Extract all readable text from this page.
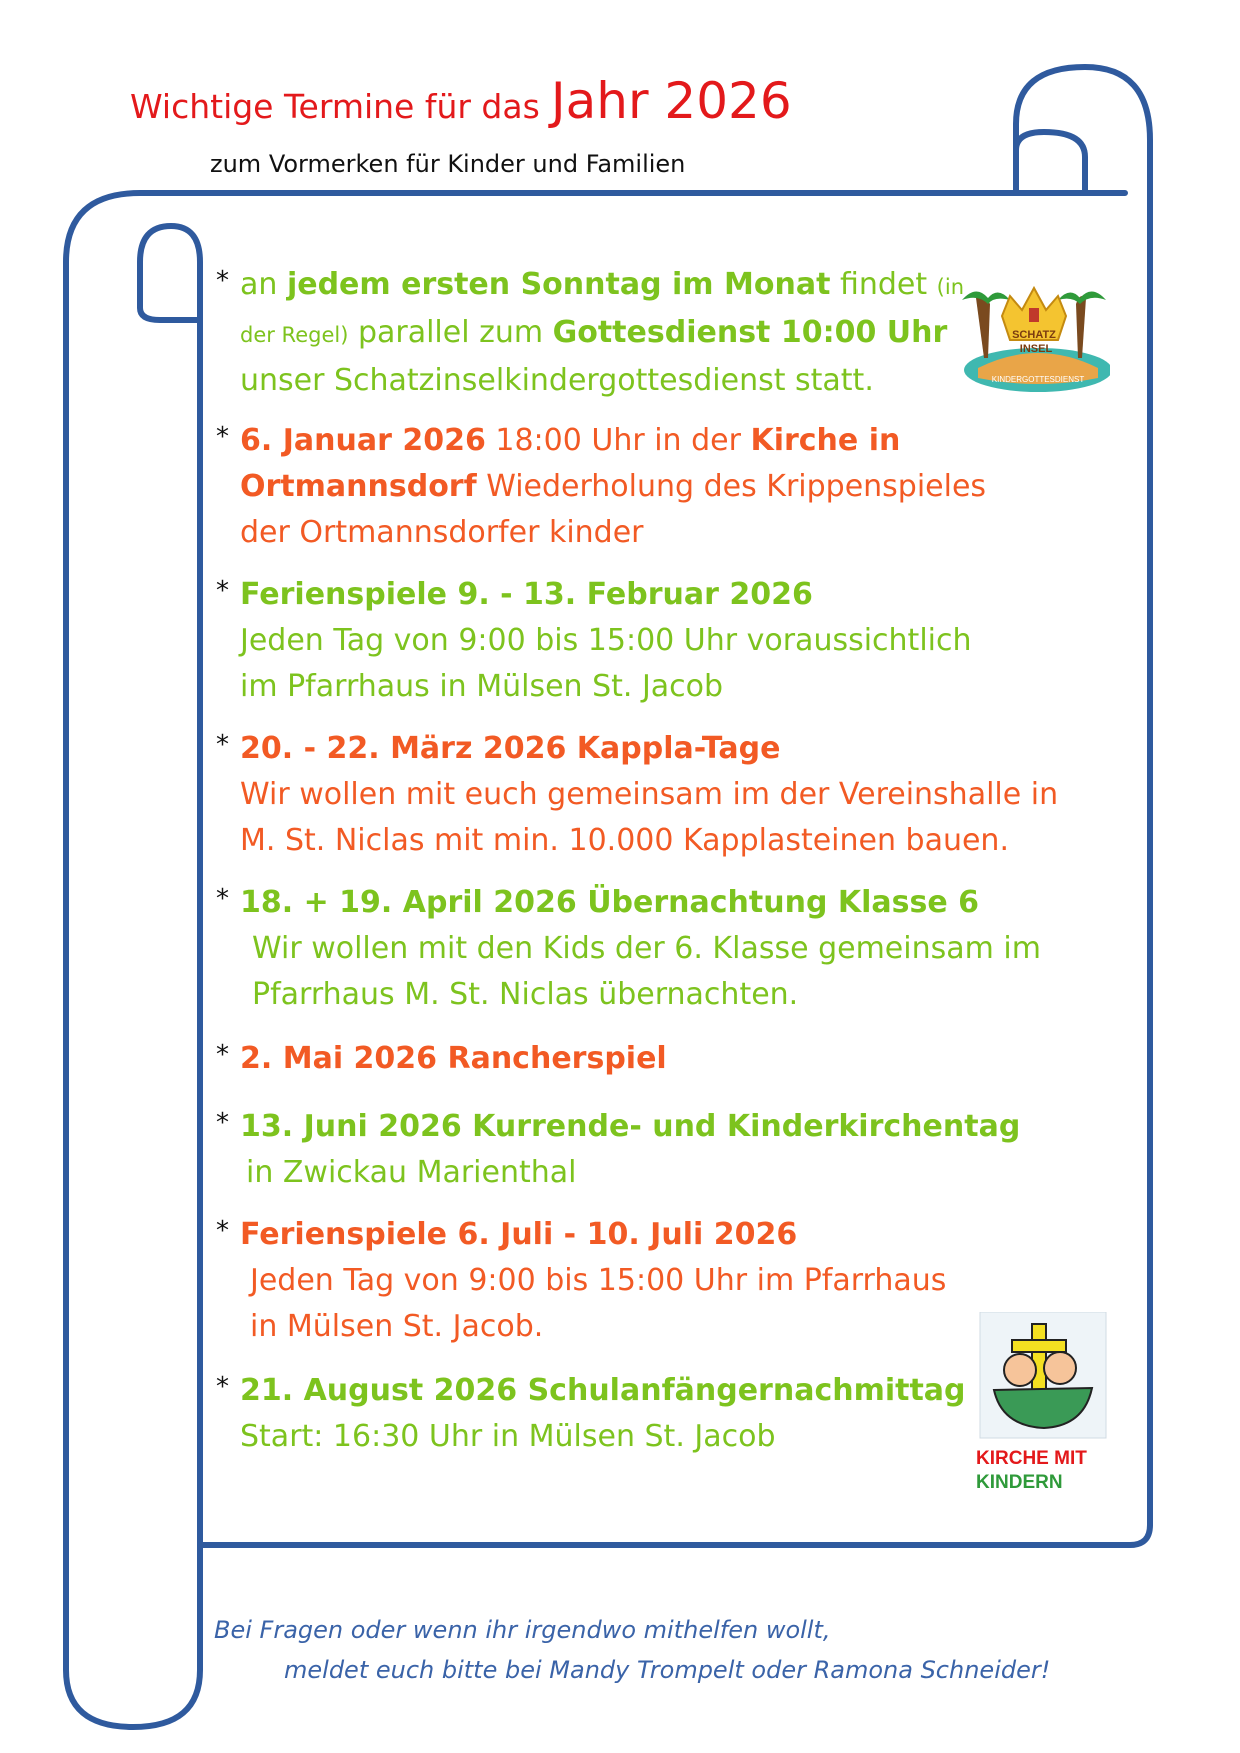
Wichtige Termine für das Jahr 2026
zum Vormerken für Kinder und Familien
* an jedem ersten Sonntag im Monat findet (in
der Regel) parallel zum Gottesdienst 10:00 Uhr
unser Schatzinselkindergottesdienst statt.
* 6. Januar 2026 18:00 Uhr in der Kirche in
Ortmannsdorf Wiederholung des Krippenspieles
der Ortmannsdorfer kinder
* Ferienspiele 9. - 13. Februar 2026
Jeden Tag von 9:00 bis 15:00 Uhr voraussichtlich
im Pfarrhaus in Mülsen St. Jacob
* 20. - 22. März 2026 Kappla-Tage
Wir wollen mit euch gemeinsam im der Vereinshalle in
M. St. Niclas mit min. 10.000 Kapplasteinen bauen.
* 18. + 19. April 2026 Übernachtung Klasse 6
Wir wollen mit den Kids der 6. Klasse gemeinsam im
Pfarrhaus M. St. Niclas übernachten.
* 2. Mai 2026 Rancherspiel
* 13. Juni 2026 Kurrende- und Kinderkirchentag
in Zwickau Marienthal
* Ferienspiele 6. Juli - 10. Juli 2026
Jeden Tag von 9:00 bis 15:00 Uhr im Pfarrhaus
in Mülsen St. Jacob.
* 21. August 2026 Schulanfängernachmittag
Start: 16:30 Uhr in Mülsen St. Jacob
SCHATZ
INSEL
KINDERGOTTESDIENST
KIRCHE MIT
KINDERN
Bei Fragen oder wenn ihr irgendwo mithelfen wollt,
meldet euch bitte bei Mandy Trompelt oder Ramona Schneider!
